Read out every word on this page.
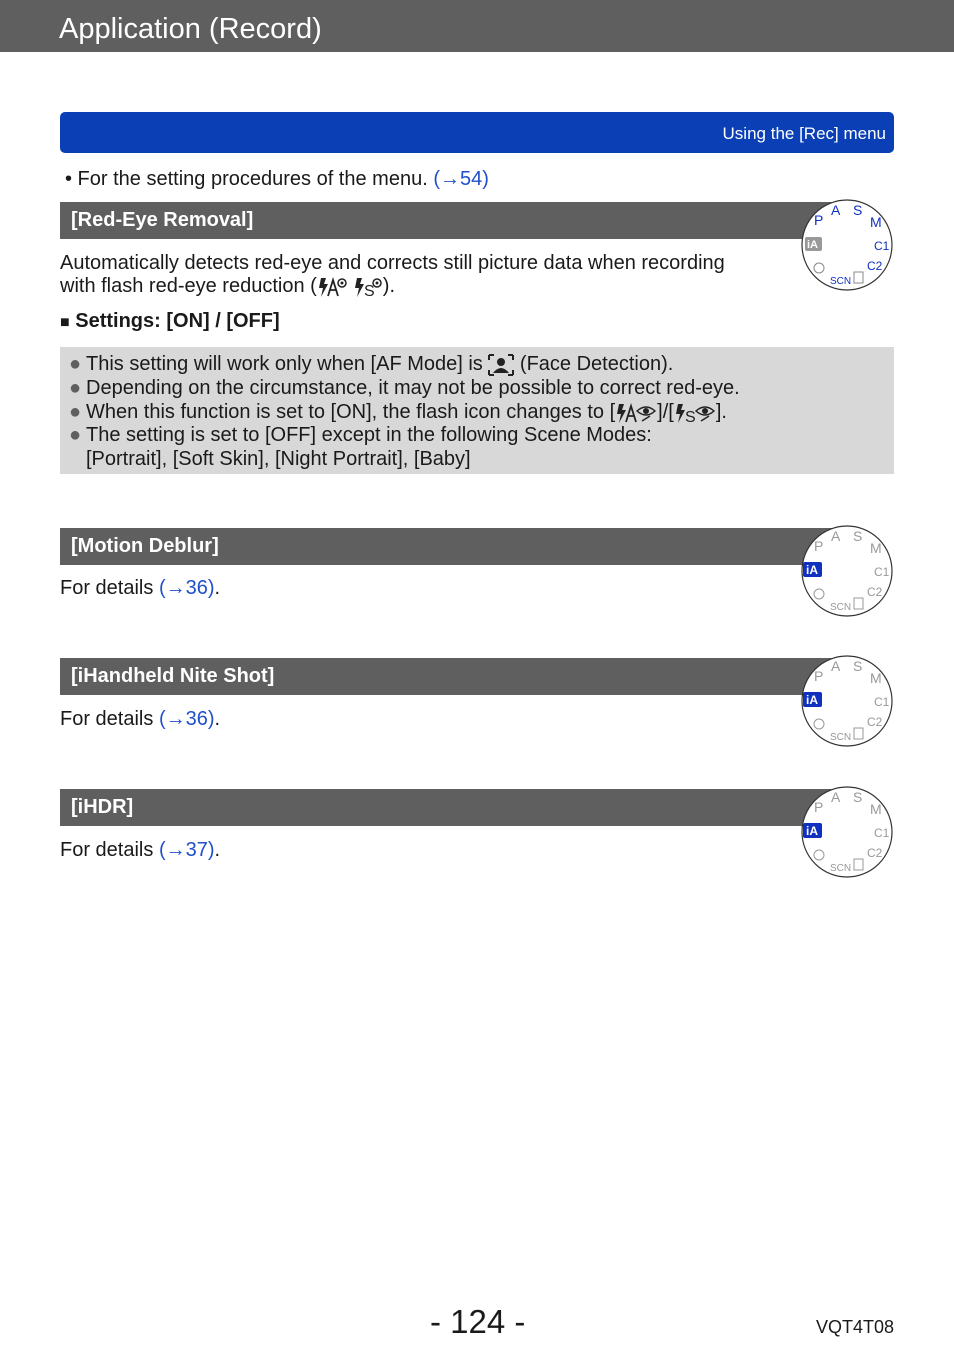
Application (Record)
Using the [Rec] menu
• For the setting procedures of the menu. (→54)
[Red-Eye Removal]	P
A S
M
C1
C2
SCN
iA
Automatically detects red-eye and corrects still picture data when recording
with flash red-eye reduction (	S ).
■ Settings: [ON] / [OFF]
● This setting will work only when [AF Mode] is  (Face Detection).
● Depending on the circumstance, it may not be possible to correct red-eye.
● When this function is set to [ON], the flash icon changes to [ ]/[ S ].
● The setting is set to [OFF] except in the following Scene Modes:
[Portrait], [Soft Skin], [Night Portrait], [Baby]
[Motion Deblur]
For details (→36).
[iHandheld Nite Shot]
For details (→36).
[iHDR]
For details (→37).
P
A S
M
C1
C2
SCN
iA
P
A S
M
C1
C2
SCN
iA
P
A S
M
C1
C2
SCN
iA
- 124 -	VQT4T08
